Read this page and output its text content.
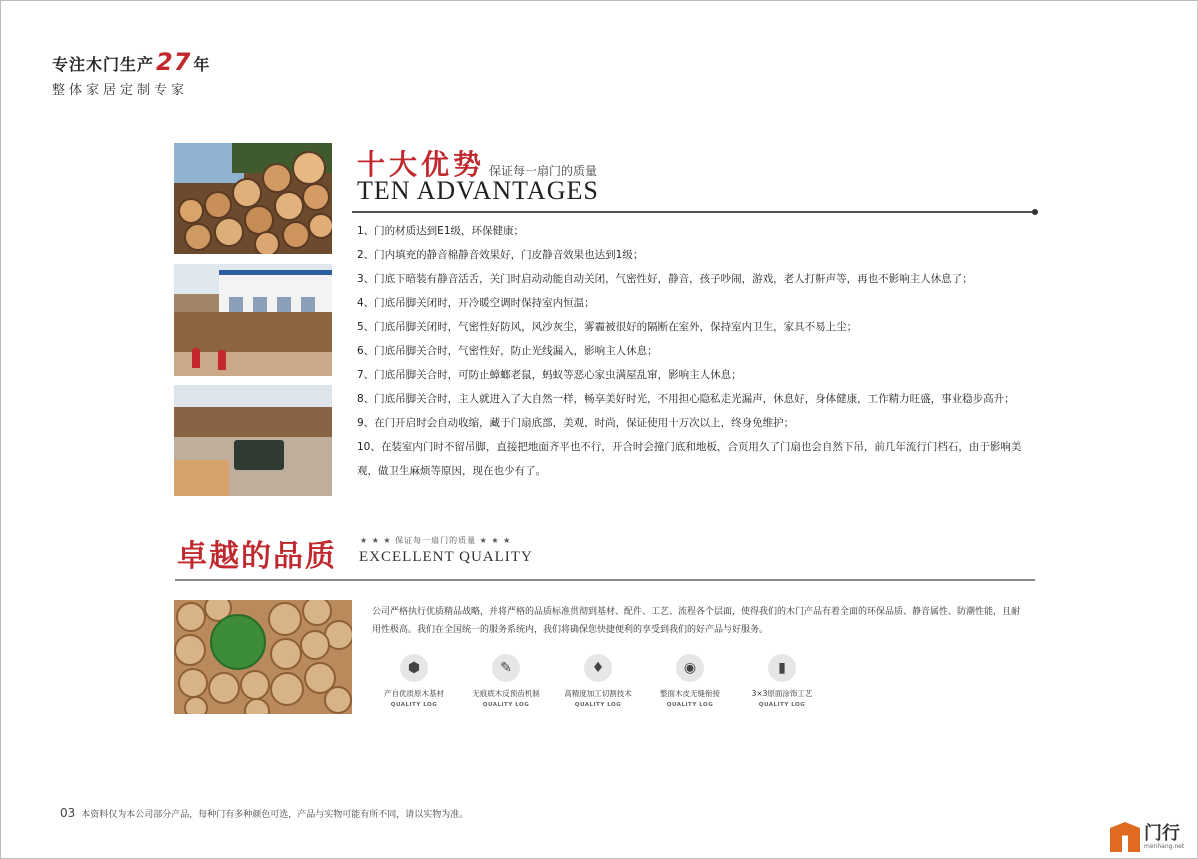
专注木门生产 27 年
整体家居定制专家
十大优势 保证每一扇门的质量
TEN ADVANTAGES
1、门的材质达到E1级，环保健康；
2、门内填充的静音棉静音效果好，门皮静音效果也达到1级；
3、门底下暗装有静音活舌，关门时启动动能自动关闭，气密性好，静音，孩子吵闹，游戏，老人打鼾声等，再也不影响主人休息了；
4、门底吊脚关闭时，开冷暖空调时保持室内恒温；
5、门底吊脚关闭时，气密性好防风，风沙灰尘，雾霾被很好的隔断在室外，保持室内卫生，家具不易上尘；
6、门底吊脚关合时，气密性好，防止光线漏入，影响主人休息；
7、门底吊脚关合时，可防止蟑螂老鼠，蚂蚁等恶心家虫满屋乱窜，影响主人休息；
8、门底吊脚关合时，主人就进入了大自然一样，畅享美好时光，不用担心隐私走光漏声，休息好，身体健康，工作精力旺盛，事业稳步高升；
9、在门开启时会自动收缩，藏于门扇底部，美观，时尚，保证使用十万次以上，终身免维护；
10、在装室内门时不留吊脚，直接把地面齐平也不行，开合时会撞门底和地板，合页用久了门扇也会自然下吊，前几年流行门档石，由于影响美观，做卫生麻烦等原因，现在也少有了。
卓越的品质	★ ★ ★ 保证每一扇门的质量 ★ ★ ★
EXCELLENT QUALITY
公司严格执行优质精品战略，并将严格的品质标准贯彻到基材、配件、工艺、流程各个层面，使得我们的木门产品有着全面的环保品质、静音属性、防潮性能，且耐用性极高。我们在全国统一的服务系统内，我们将确保您快捷便利的享受到我们的好产品与好服务。
⬢
产自优质原木基材
QUALITY LOG
✎
无痕底木反预齿机制
QUALITY LOG
♦
高精度加工切割技术
QUALITY LOG
◉
整面木皮无缝衔接
QUALITY LOG
▮
3×3原面涂饰工艺
QUALITY LOG
03 本资料仅为本公司部分产品，每种门有多种颜色可选，产品与实物可能有所不同，请以实物为准。
门行
menhang.net
